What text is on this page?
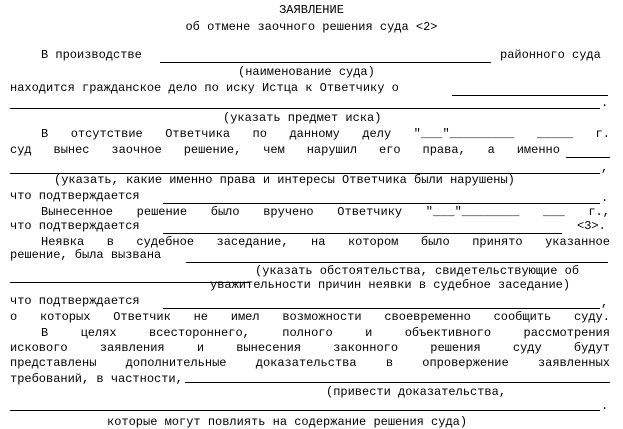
ЗАЯВЛЕНИЕ
об отмене заочного решения суда <2>
В производстве	районного суда
(наименование суда)
находится гражданское дело по иску Истца к Ответчику о
.
(указать предмет иска)
В отсутствие Ответчика по данному делу "___"_________ _____ г.
суд вынес заочное решение, чем нарушил его права, а именно
,
(указать, какие именно права и интересы Ответчика были нарушены)
что подтверждается	.
Вынесенное решение было вручено Ответчику "___"________ ___ г.,
что подтверждается	<3>.
Неявка в судебное заседание, на котором было принято указанное
решение, была вызвана
(указать обстоятельства, свидетельствующие об
уважительности причин неявки в судебное заседание)
что подтверждается	,
о которых Ответчик не имел возможности своевременно сообщить суду.
В	целях	всестороннего,	полного	и	объективного	рассмотрения
искового	заявления	и	вынесения	законного	решения	суду	будут
представлены дополнительные доказательства в опровержение заявленных
требований, в частности,
(привести доказательства,
.
которые могут повлиять на содержание решения суда)
